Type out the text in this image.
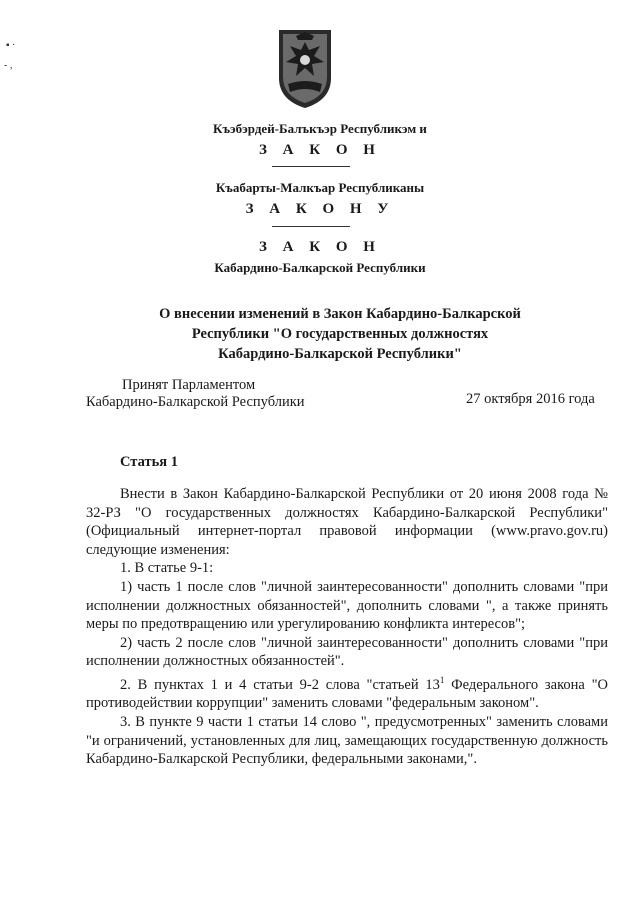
▪ ·
- ,
Къэбэрдей-Балъкъэр Республикэм и
З А К О Н
Къабарты-Малкъар Республиканы
З А К О Н У
З А К О Н
Кабардино-Балкарской Республики
О внесении изменений в Закон Кабардино-Балкарской
Республики "О государственных должностях
Кабардино-Балкарской Республики"
Принят Парламентом
Кабардино-Балкарской Республики	27 октября 2016 года
Статья 1

Внести в Закон Кабардино-Балкарской Республики от 20 июня 2008 года № 32-РЗ "О государственных должностях Кабардино-Балкарской Республики" (Официальный интернет-портал правовой информации (www.pravo.gov.ru) следующие изменения:

1. В статье 9-1:

1) часть 1 после слов "личной заинтересованности" дополнить словами "при исполнении должностных обязанностей", дополнить словами ", а также принять меры по предотвращению или урегулированию конфликта интересов";

2) часть 2 после слов "личной заинтересованности" дополнить словами "при исполнении должностных обязанностей".

2. В пунктах 1 и 4 статьи 9-2 слова "статьей 13$^1$ Федерального закона "О противодействии коррупции" заменить словами "федеральным законом".

3. В пункте 9 части 1 статьи 14 слово ", предусмотренных" заменить словами "и ограничений, установленных для лиц, замещающих государственную должность Кабардино-Балкарской Республики, федеральными законами,".
